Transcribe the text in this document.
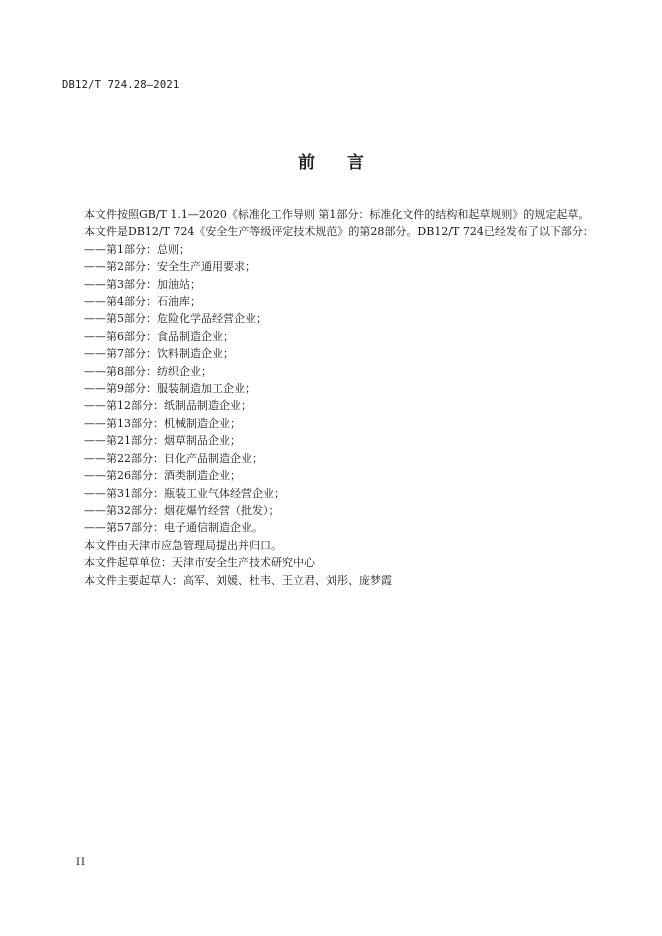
DB12/T 724.28—2021
前 言

本文件按照GB/T 1.1—2020《标准化工作导则 第1部分：标准化文件的结构和起草规则》的规定起草。

本文件是DB12/T 724《安全生产等级评定技术规范》的第28部分。DB12/T 724已经发布了以下部分：

——第1部分：总则；

——第2部分：安全生产通用要求；

——第3部分：加油站；

——第4部分：石油库；

——第5部分：危险化学品经营企业；

——第6部分：食品制造企业；

——第7部分：饮料制造企业；

——第8部分：纺织企业；

——第9部分：服装制造加工企业；

——第12部分：纸制品制造企业；

——第13部分：机械制造企业；

——第21部分：烟草制品企业；

——第22部分：日化产品制造企业；

——第26部分：酒类制造企业；

——第31部分：瓶装工业气体经营企业；

——第32部分：烟花爆竹经营（批发）；

——第57部分：电子通信制造企业。

本文件由天津市应急管理局提出并归口。

本文件起草单位：天津市安全生产技术研究中心

本文件主要起草人：高军、刘媛、杜韦、王立君、刘彤、庞梦霞

II
